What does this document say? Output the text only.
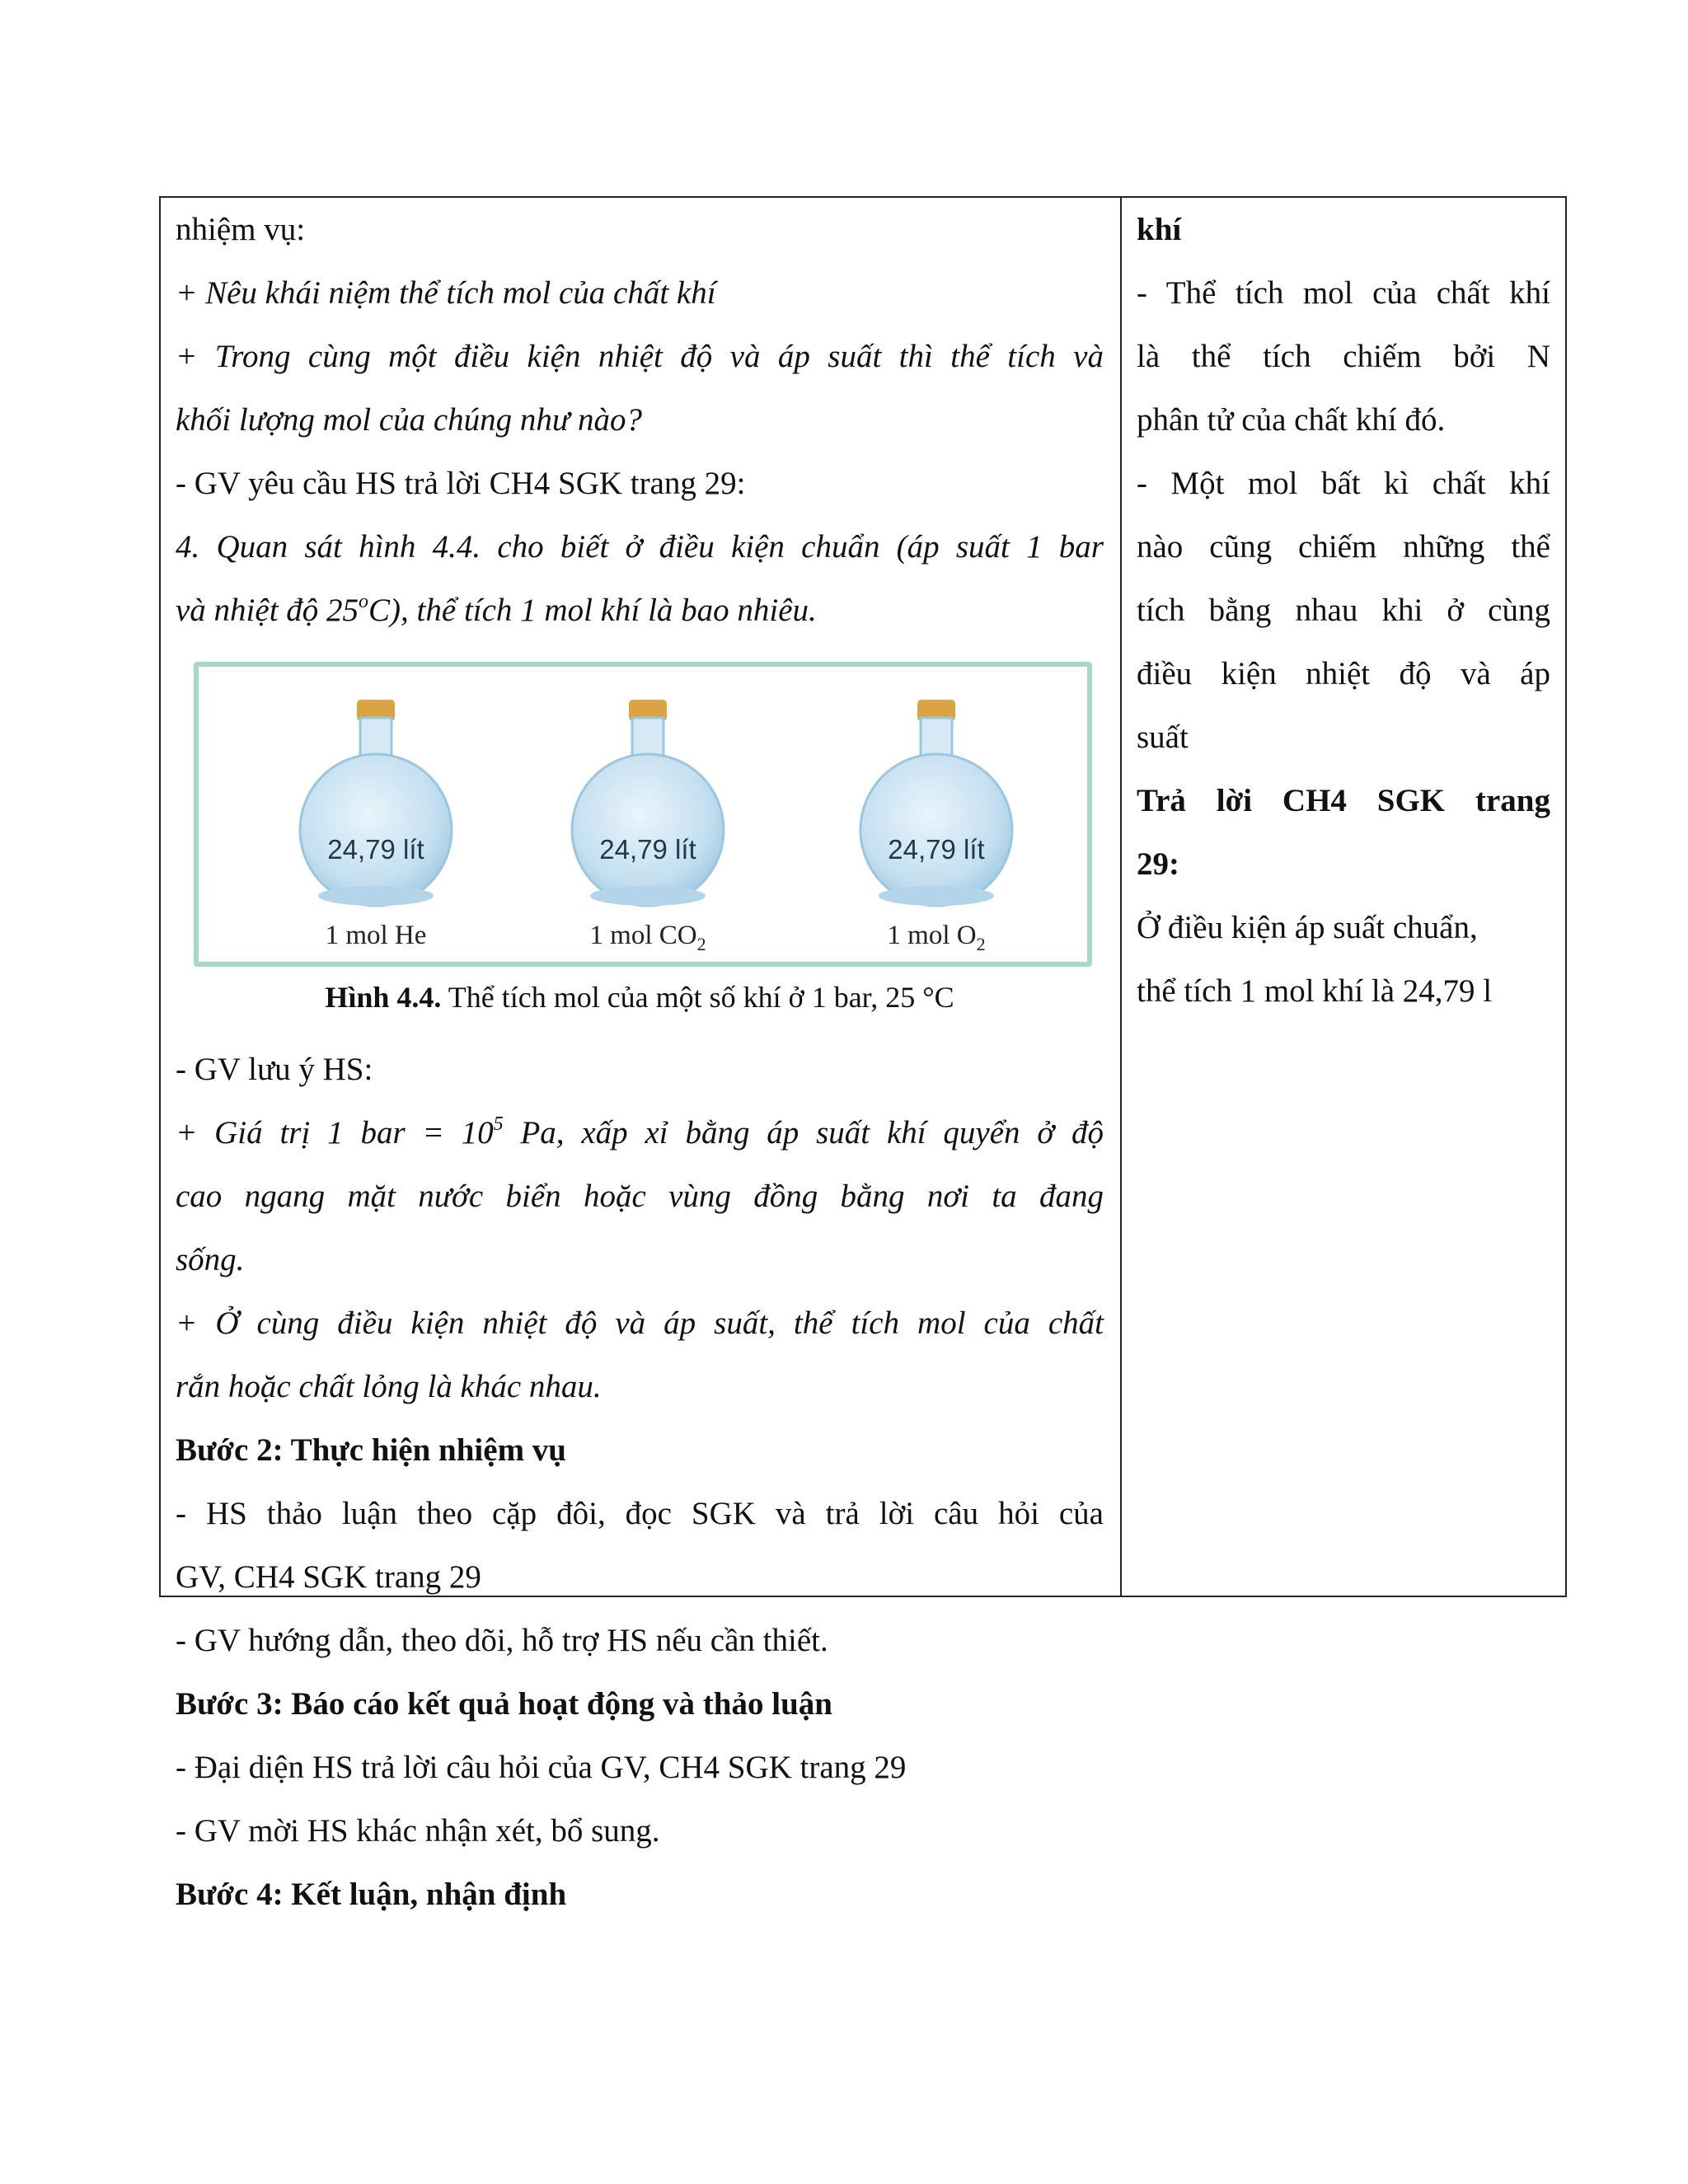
nhiệm vụ:
+ Nêu khái niệm thể tích mol của chất khí
+ Trong cùng một điều kiện nhiệt độ và áp suất thì thể tích và
khối lượng mol của chúng như nào?
- GV yêu cầu HS trả lời CH4 SGK trang 29:
4. Quan sát hình 4.4. cho biết ở điều kiện chuẩn (áp suất 1 bar
và nhiệt độ 25$^o$C), thể tích 1 mol khí là bao nhiêu.
24,79 lít	24,79 lít	24,79 lít
1 mol He	1 mol $CO_2$	1 mol $O_2$
Hình 4.4. Thể tích mol của một số khí ở 1 bar, 25 °C
- GV lưu ý HS:
+ Giá trị 1 bar = $10^5$ Pa, xấp xỉ bằng áp suất khí quyển ở độ
cao ngang mặt nước biển hoặc vùng đồng bằng nơi ta đang
sống.
+ Ở cùng điều kiện nhiệt độ và áp suất, thể tích mol của chất
rắn hoặc chất lỏng là khác nhau.
Bước 2: Thực hiện nhiệm vụ
- HS thảo luận theo cặp đôi, đọc SGK và trả lời câu hỏi của
GV, CH4 SGK trang 29
- GV hướng dẫn, theo dõi, hỗ trợ HS nếu cần thiết.
Bước 3: Báo cáo kết quả hoạt động và thảo luận
- Đại diện HS trả lời câu hỏi của GV, CH4 SGK trang 29
- GV mời HS khác nhận xét, bổ sung.
Bước 4: Kết luận, nhận định
khí
- Thể tích mol của chất khí
là thể tích chiếm bởi N
phân tử của chất khí đó.
- Một mol bất kì chất khí
nào cũng chiếm những thể
tích bằng nhau khi ở cùng
điều kiện nhiệt độ và áp
suất
Trả lời CH4 SGK trang
29:
Ở điều kiện áp suất chuẩn,
thể tích 1 mol khí là 24,79 l
